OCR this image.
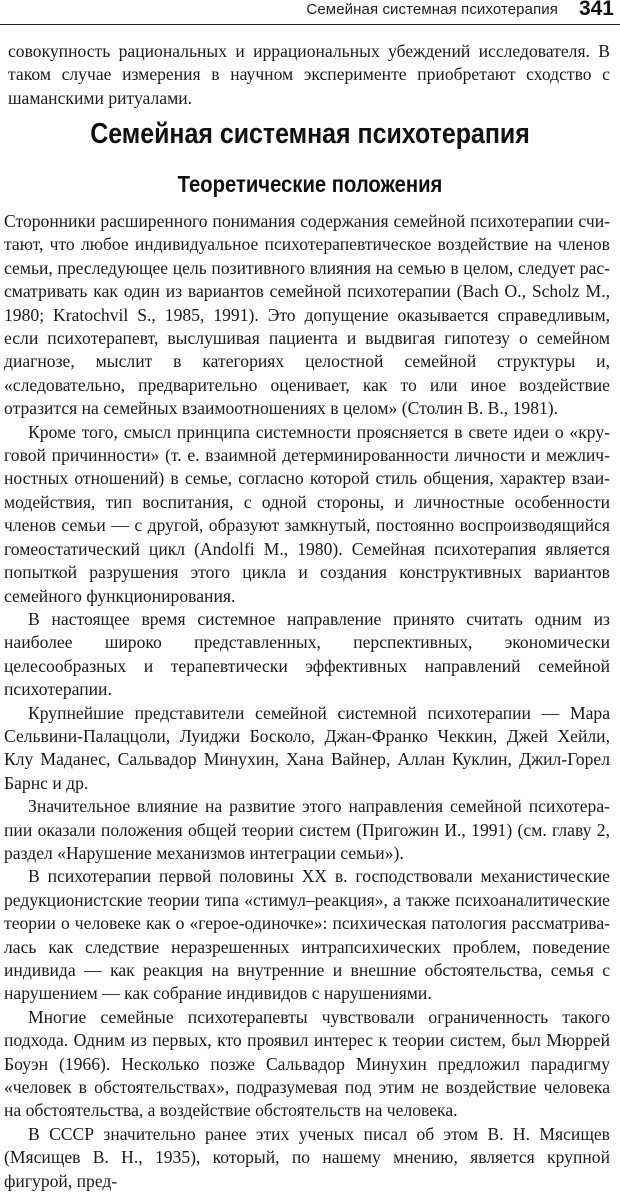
Семейная системная психотерапия 341

совокупность рациональных и иррациональных убеждений исследователя. В таком случае измерения в научном эксперименте приобретают сходство с шаманскими ритуалами.

Семейная системная психотерапия
Теоретические положения

Сторонники расширенного понимания содержания семейной психотерапии считают, что любое индивидуальное психотерапевтическое воздействие на членов семьи, преследующее цель позитивного влияния на семью в целом, следует рассматривать как один из вариантов семейной психотерапии (Bach O., Scholz M., 1980; Kratochvil S., 1985, 1991). Это допущение оказывается справедливым, если психотерапевт, выслушивая пациента и выдвигая гипотезу о семейном диагнозе, мыслит в категориях целостной семейной структуры и, «следовательно, предварительно оценивает, как то или иное воздействие отразится на семейных взаимоотношениях в целом» (Столин В. В., 1981).

Кроме того, смысл принципа системности проясняется в свете идеи о «круговой причинности» (т. е. взаимной детерминированности личности и межличностных отношений) в семье, согласно которой стиль общения, характер взаимодействия, тип воспитания, с одной стороны, и личностные особенности членов семьи — с другой, образуют замкнутый, постоянно воспроизводящийся гомеостатический цикл (Andolfi M., 1980). Семейная психотерапия является попыткой разрушения этого цикла и создания конструктивных вариантов семейного функционирования.

В настоящее время системное направление принято считать одним из наиболее широко представленных, перспективных, экономически целесообразных и терапевтически эффективных направлений семейной психотерапии.

Крупнейшие представители семейной системной психотерапии — Мара Сельвини-Палаццоли, Луиджи Босколо, Джан-Франко Чеккин, Джей Хейли, Клу Маданес, Сальвадор Минухин, Хана Вайнер, Аллан Куклин, Джил-Горел Барнс и др.

Значительное влияние на развитие этого направления семейной психотерапии оказали положения общей теории систем (Пригожин И., 1991) (см. главу 2, раздел «Нарушение механизмов интеграции семьи»).

В психотерапии первой половины XX в. господствовали механистические редукционистские теории типа «стимул–реакция», а также психоаналитические теории о человеке как о «герое-одиночке»: психическая патология рассматривалась как следствие неразрешенных интрапсихических проблем, поведение индивида — как реакция на внутренние и внешние обстоятельства, семья с нарушением — как собрание индивидов с нарушениями.

Многие семейные психотерапевты чувствовали ограниченность такого подхода. Одним из первых, кто проявил интерес к теории систем, был Мюррей Боуэн (1966). Несколько позже Сальвадор Минухин предложил парадигму «человек в обстоятельствах», подразумевая под этим не воздействие человека на обстоятельства, а воздействие обстоятельств на человека.

В СССР значительно ранее этих ученых писал об этом В. Н. Мясищев (Мясищев В. Н., 1935), который, по нашему мнению, является крупной фигурой, пред-
